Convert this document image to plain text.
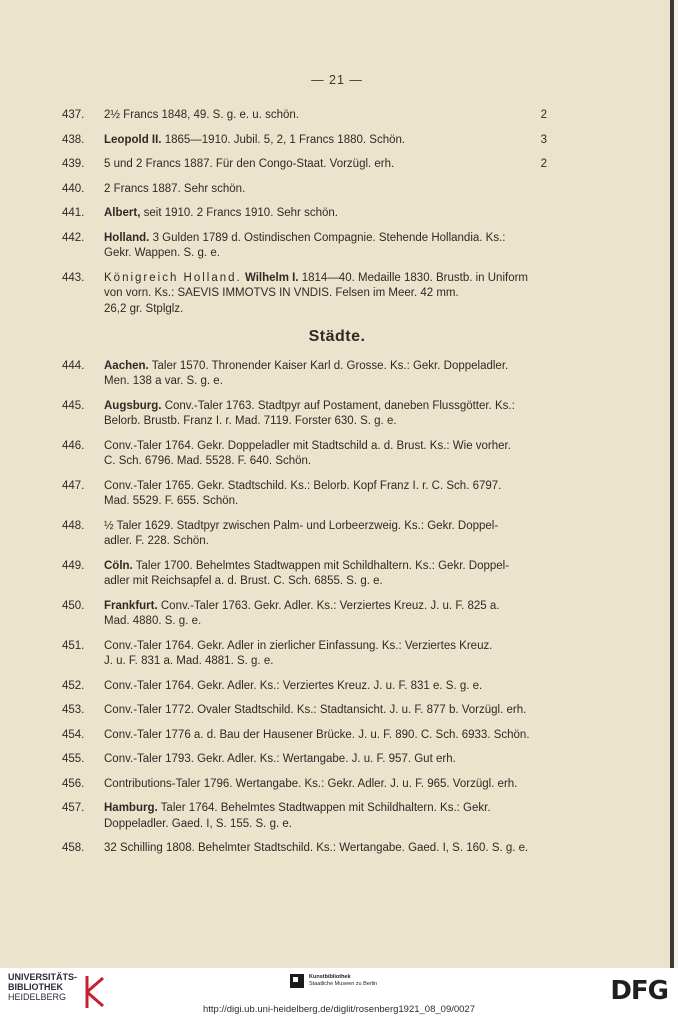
— 21 —
437. 2½ Francs 1848, 49. S. g. e. u. schön.	2
438. Leopold II. 1865—1910. Jubil. 5, 2, 1 Francs 1880. Schön.	3
439. 5 und 2 Francs 1887. Für den Congo-Staat. Vorzügl. erh.	2
440. 2 Francs 1887. Sehr schön.
441. Albert, seit 1910. 2 Francs 1910. Sehr schön.
442. Holland. 3 Gulden 1789 d. Ostindischen Compagnie. Stehende Hollandia. Ks.:
Gekr. Wappen. S. g. e.
443. Königreich Holland. Wilhelm I. 1814—40. Medaille 1830. Brustb. in Uniform
von vorn. Ks.: SAEVIS IMMOTVS IN VNDIS. Felsen im Meer. 42 mm.
26,2 gr. Stplglz.
Städte.
444. Aachen. Taler 1570. Thronender Kaiser Karl d. Grosse. Ks.: Gekr. Doppeladler.
Men. 138 a var. S. g. e.
445. Augsburg. Conv.-Taler 1763. Stadtpyr auf Postament, daneben Flussgötter. Ks.:
Belorb. Brustb. Franz I. r. Mad. 7119. Forster 630. S. g. e.
446. Conv.-Taler 1764. Gekr. Doppeladler mit Stadtschild a. d. Brust. Ks.: Wie vorher.
C. Sch. 6796. Mad. 5528. F. 640. Schön.
447. Conv.-Taler 1765. Gekr. Stadtschild. Ks.: Belorb. Kopf Franz I. r. C. Sch. 6797.
Mad. 5529. F. 655. Schön.
448. ½ Taler 1629. Stadtpyr zwischen Palm- und Lorbeerzweig. Ks.: Gekr. Doppel-
adler. F. 228. Schön.
449. Cöln. Taler 1700. Behelmtes Stadtwappen mit Schildhaltern. Ks.: Gekr. Doppel-
adler mit Reichsapfel a. d. Brust. C. Sch. 6855. S. g. e.
450. Frankfurt. Conv.-Taler 1763. Gekr. Adler. Ks.: Verziertes Kreuz. J. u. F. 825 a.
Mad. 4880. S. g. e.
451. Conv.-Taler 1764. Gekr. Adler in zierlicher Einfassung. Ks.: Verziertes Kreuz.
J. u. F. 831 a. Mad. 4881. S. g. e.
452. Conv.-Taler 1764. Gekr. Adler. Ks.: Verziertes Kreuz. J. u. F. 831 e. S. g. e.
453. Conv.-Taler 1772. Ovaler Stadtschild. Ks.: Stadtansicht. J. u. F. 877 b. Vorzügl. erh.
454. Conv.-Taler 1776 a. d. Bau der Hausener Brücke. J. u. F. 890. C. Sch. 6933. Schön.
455. Conv.-Taler 1793. Gekr. Adler. Ks.: Wertangabe. J. u. F. 957. Gut erh.
456. Contributions-Taler 1796. Wertangabe. Ks.: Gekr. Adler. J. u. F. 965. Vorzügl. erh.
457. Hamburg. Taler 1764. Behelmtes Stadtwappen mit Schildhaltern. Ks.: Gekr.
Doppeladler. Gaed. I, S. 155. S. g. e.
458. 32 Schilling 1808. Behelmter Stadtschild. Ks.: Wertangabe. Gaed. I, S. 160. S. g. e.
UNIVERSITÄTS-
BIBLIOTHEK
HEIDELBERG
Kunstbibliothek
Staatliche Museen zu Berlin	DFG
http://digi.ub.uni-heidelberg.de/diglit/rosenberg1921_08_09/0027
